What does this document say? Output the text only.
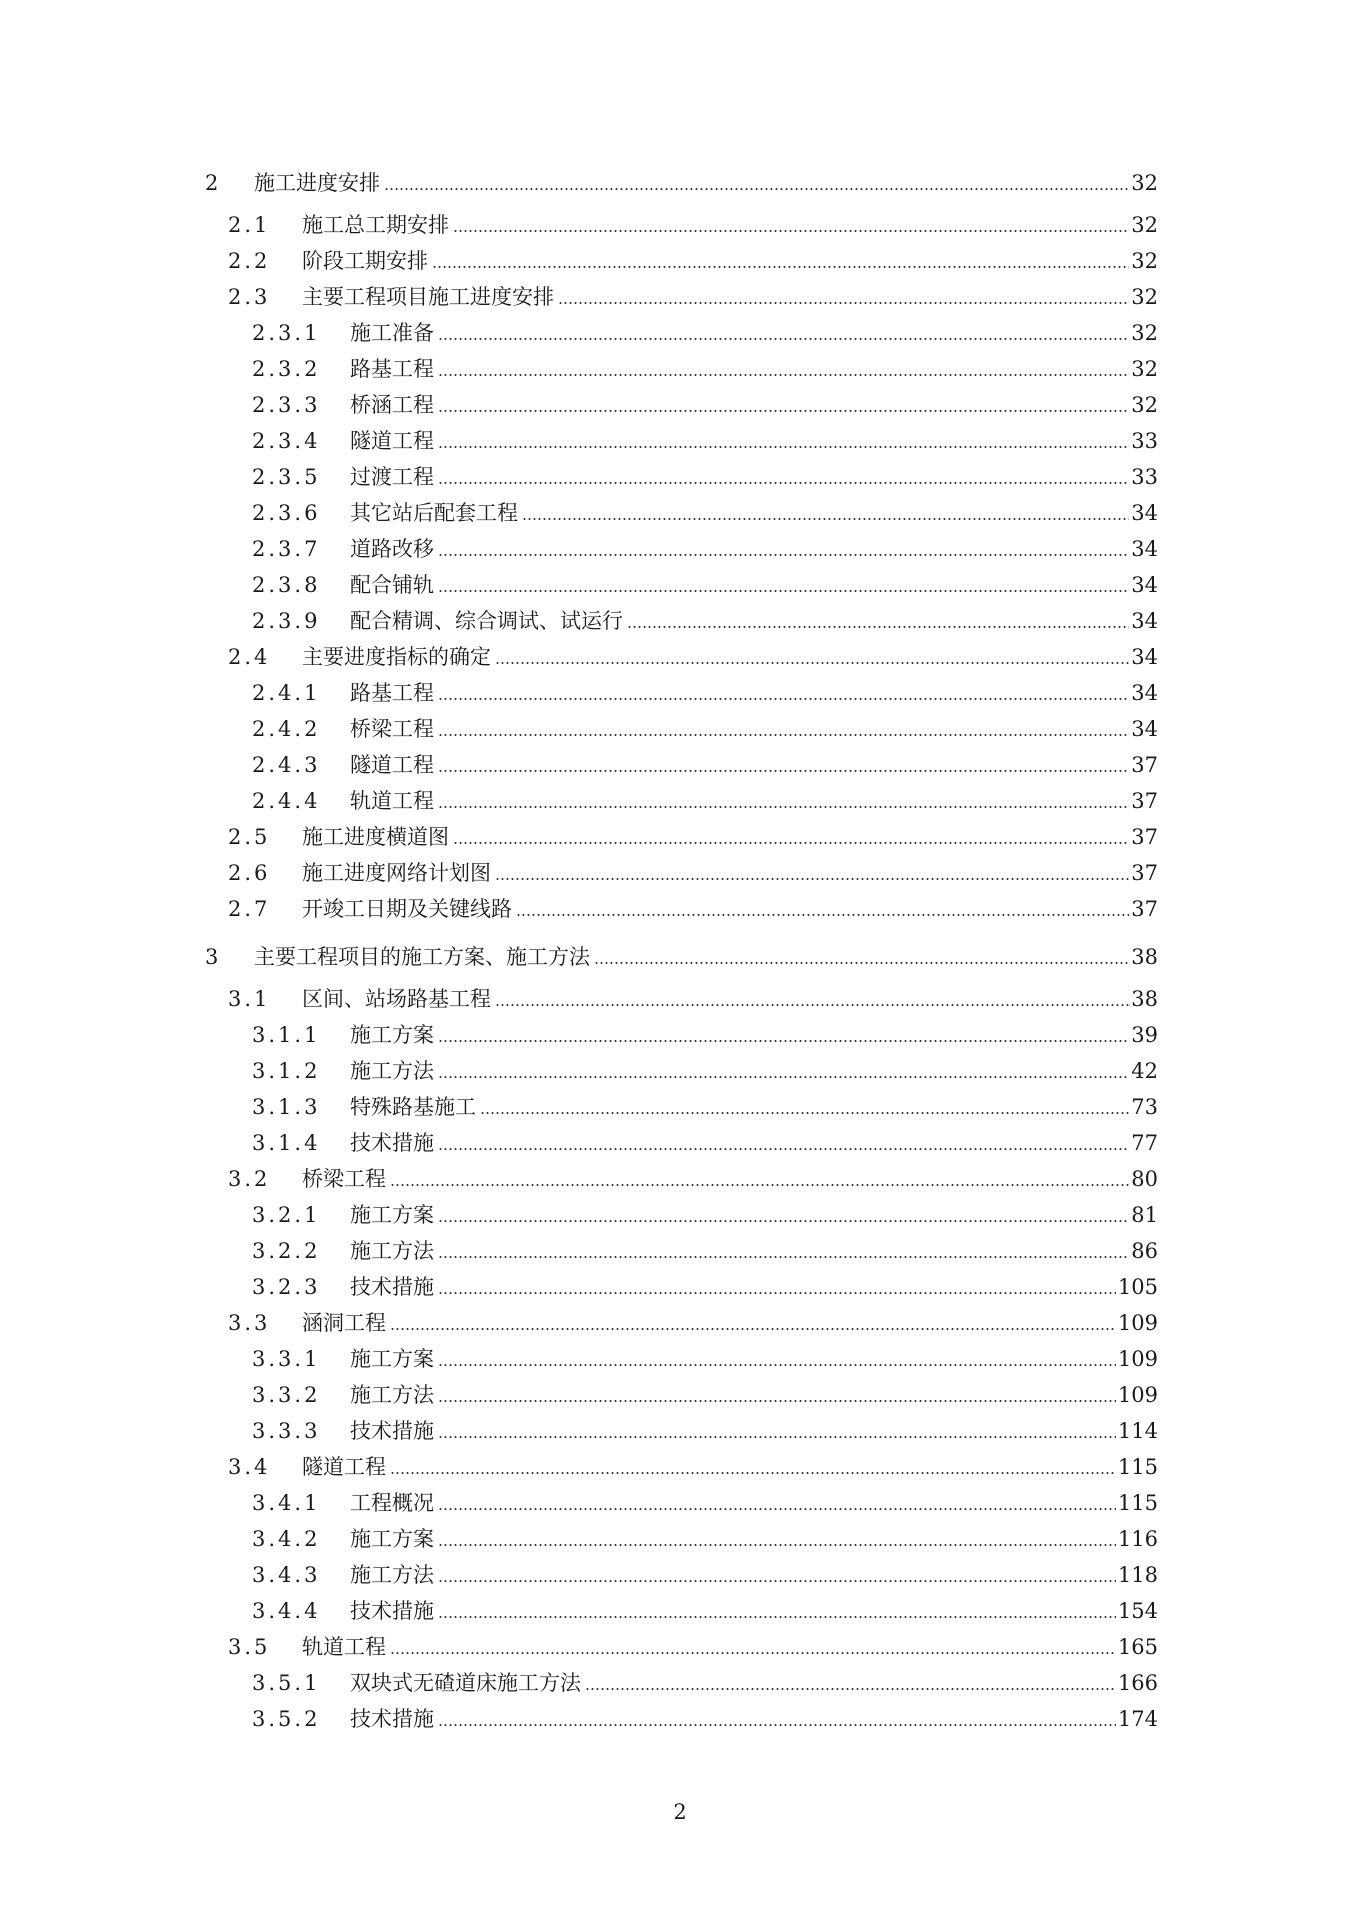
2 施工进度安排	32
2.1 施工总工期安排	32
2.2 阶段工期安排	32
2.3 主要工程项目施工进度安排	32
2.3.1 施工准备	32
2.3.2 路基工程	32
2.3.3 桥涵工程	32
2.3.4 隧道工程	33
2.3.5 过渡工程	33
2.3.6 其它站后配套工程	34
2.3.7 道路改移	34
2.3.8 配合铺轨	34
2.3.9 配合精调、综合调试、试运行	34
2.4 主要进度指标的确定	34
2.4.1 路基工程	34
2.4.2 桥梁工程	34
2.4.3 隧道工程	37
2.4.4 轨道工程	37
2.5 施工进度横道图	37
2.6 施工进度网络计划图	37
2.7 开竣工日期及关键线路	37
3 主要工程项目的施工方案、施工方法	38
3.1 区间、站场路基工程	38
3.1.1 施工方案	39
3.1.2 施工方法	42
3.1.3 特殊路基施工	73
3.1.4 技术措施	77
3.2 桥梁工程	80
3.2.1 施工方案	81
3.2.2 施工方法	86
3.2.3 技术措施	105
3.3 涵洞工程	109
3.3.1 施工方案	109
3.3.2 施工方法	109
3.3.3 技术措施	114
3.4 隧道工程	115
3.4.1 工程概况	115
3.4.2 施工方案	116
3.4.3 施工方法	118
3.4.4 技术措施	154
3.5 轨道工程	165
3.5.1 双块式无碴道床施工方法	166
3.5.2 技术措施	174
2
